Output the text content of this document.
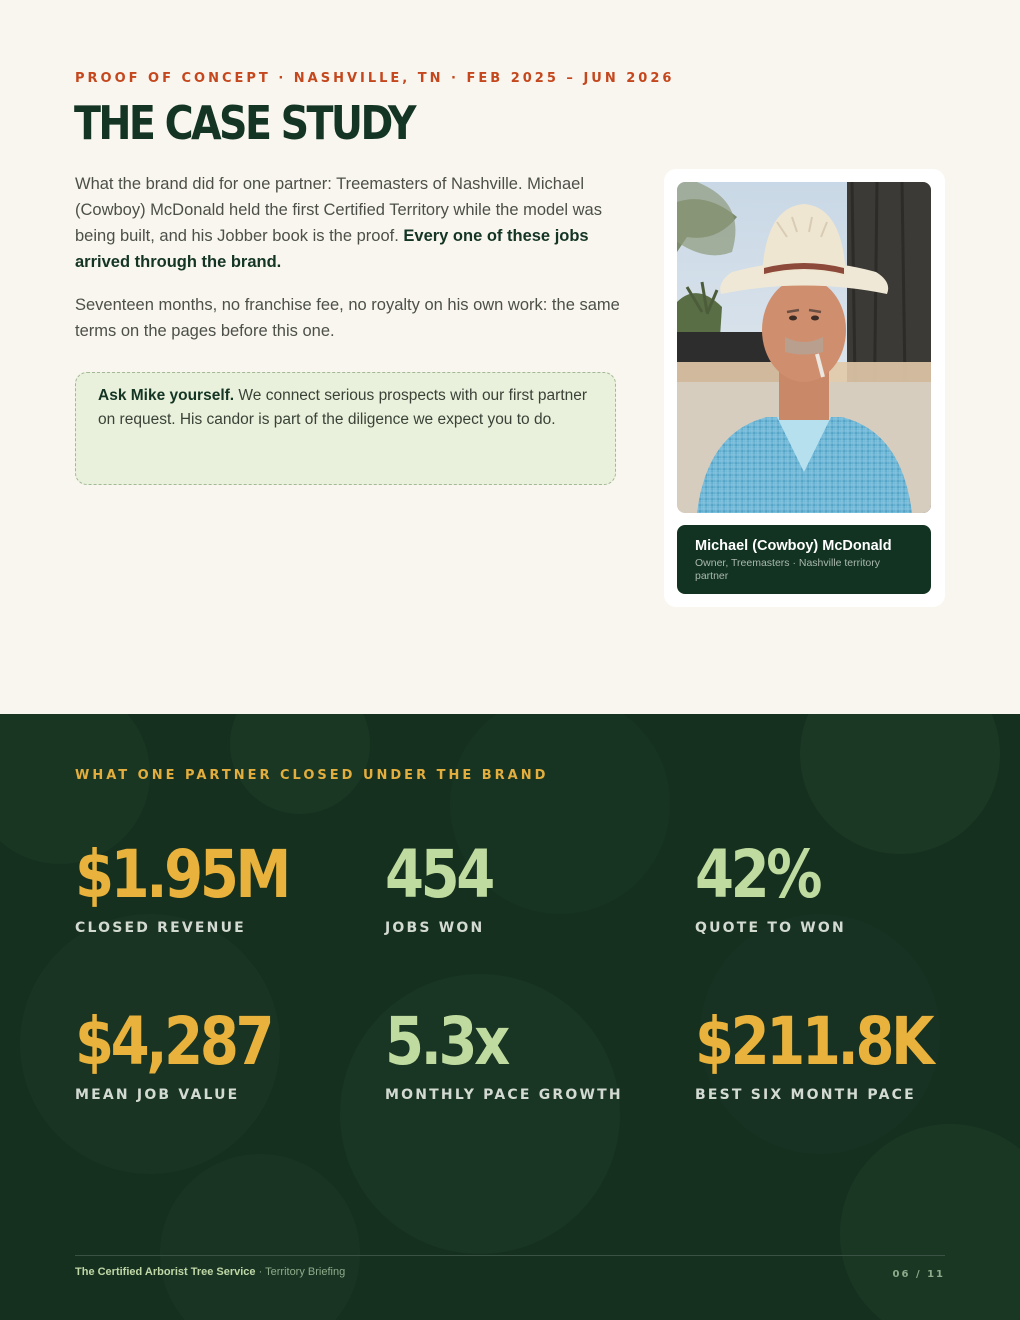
PROOF OF CONCEPT · NASHVILLE, TN · FEB 2025 – JUN 2026
THE CASE STUDY

What the brand did for one partner: Treemasters of Nashville. Michael (Cowboy) McDonald held the first Certified Territory while the model was being built, and his Jobber book is the proof. Every one of these jobs arrived through the brand.

Seventeen months, no franchise fee, no royalty on his own work: the same terms on the pages before this one.

Ask Mike yourself. We connect serious prospects with our first partner on request. His candor is part of the diligence we expect you to do.
Michael (Cowboy) McDonald
Owner, Treemasters · Nashville territory partner
WHAT ONE PARTNER CLOSED UNDER THE BRAND
$1.95M
CLOSED REVENUE
454
JOBS WON
42%
QUOTE TO WON
$4,287
MEAN JOB VALUE
5.3x
MONTHLY PACE GROWTH
$211.8K
BEST SIX MONTH PACE
The Certified Arborist Tree Service · Territory Briefing	06 / 11
